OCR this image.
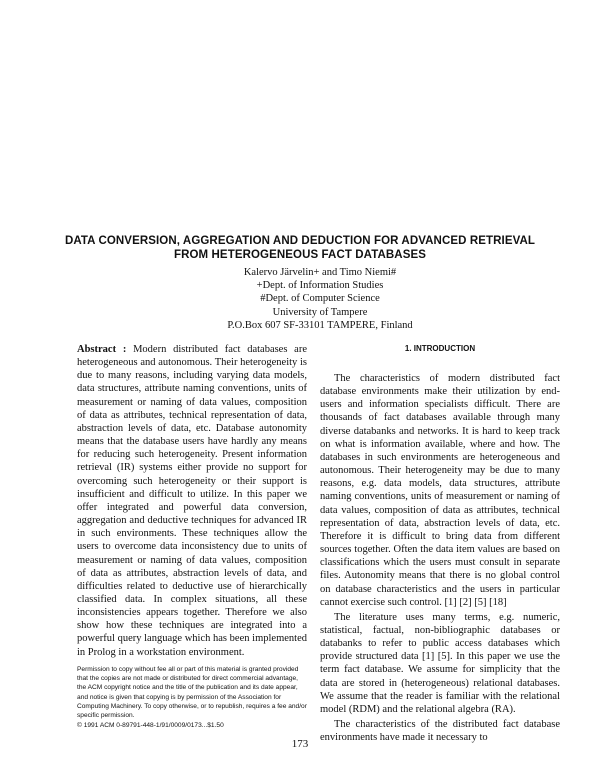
DATA CONVERSION, AGGREGATION AND DEDUCTION FOR ADVANCED RETRIEVAL
FROM HETEROGENEOUS FACT DATABASES
Kalervo Järvelin+ and Timo Niemi#
+Dept. of Information Studies
#Dept. of Computer Science
University of Tampere
P.O.Box 607 SF-33101 TAMPERE, Finland

Abstract : Modern distributed fact databases are heterogeneous and autonomous. Their heterogeneity is due to many reasons, including varying data models, data structures, attribute naming conventions, units of measurement or naming of data values, composition of data as attributes, technical representation of data, abstraction levels of data, etc. Database autonomity means that the database users have hardly any means for reducing such heterogeneity. Present information retrieval (IR) systems either provide no support for overcoming such heterogeneity or their support is insufficient and difficult to utilize. In this paper we offer integrated and powerful data conversion, aggregation and deductive techniques for advanced IR in such environments. These techniques allow the users to overcome data inconsistency due to units of measurement or naming of data values, composition of data as attributes, abstraction levels of data, and difficulties related to deductive use of hierarchically classified data. In complex situations, all these inconsistencies appears together. Therefore we also show how these techniques are integrated into a powerful query language which has been implemented in Prolog in a workstation environment.

Permission to copy without fee all or part of this material is granted provided that the copies are not made or distributed for direct commercial advantage, the ACM copyright notice and the title of the publication and its date appear, and notice is given that copying is by permission of the Association for Computing Machinery. To copy otherwise, or to republish, requires a fee and/or specific permission.

© 1991 ACM 0-89791-448-1/91/0009/0173...$1.50
1. INTRODUCTION

The characteristics of modern distributed fact database environments make their utilization by end-users and information specialists difficult. There are thousands of fact databases available through many diverse databanks and networks. It is hard to keep track on what is information available, where and how. The databases in such environments are heterogeneous and autonomous. Their heterogeneity may be due to many reasons, e.g. data models, data structures, attribute naming conventions, units of measurement or naming of data values, composition of data as attributes, technical representation of data, abstraction levels of data, etc. Therefore it is difficult to bring data from different sources together. Often the data item values are based on classifications which the users must consult in separate files. Autonomity means that there is no global control on database characteristics and the users in particular cannot exercise such control. [1] [2] [5] [18]

The literature uses many terms, e.g. numeric, statistical, factual, non-bibliographic databases or databanks to refer to public access databases which provide structured data [1] [5]. In this paper we use the term fact database. We assume for simplicity that the data are stored in (heterogeneous) relational databases. We assume that the reader is familiar with the relational model (RDM) and the relational algebra (RA).

The characteristics of the distributed fact database environments have made it necessary to

173
